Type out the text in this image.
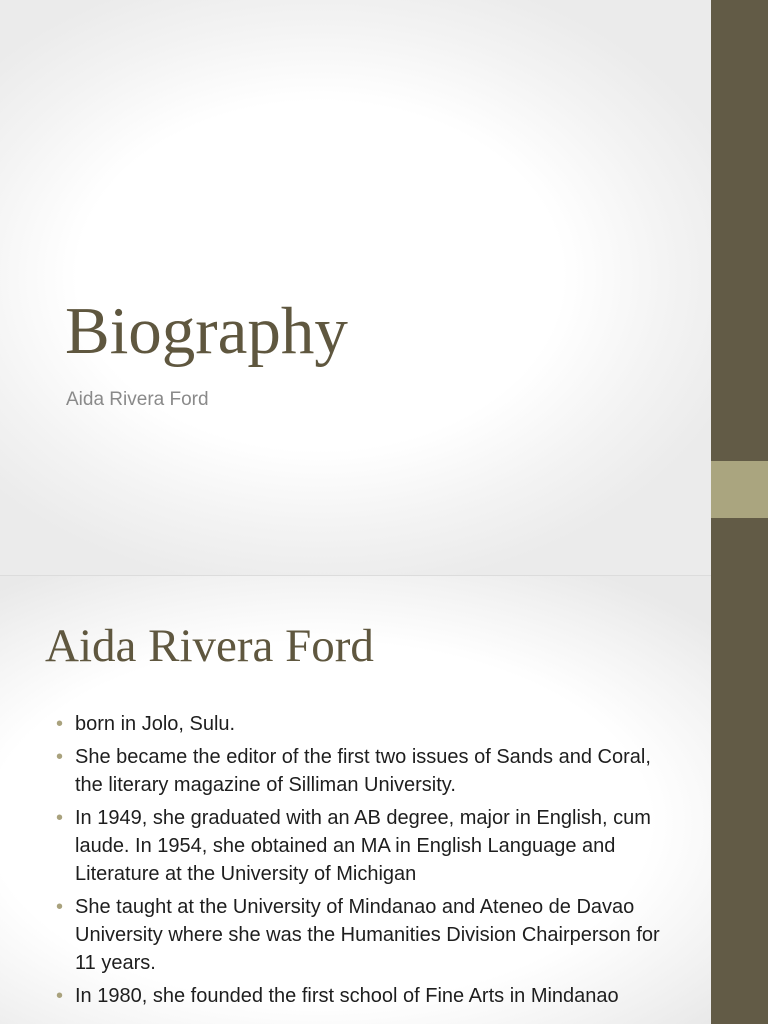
Biography

Aida Rivera Ford

Aida Rivera Ford
• born in Jolo, Sulu.
• She became the editor of the first two issues of Sands and Coral, the literary magazine of Silliman University.
• In 1949, she graduated with an AB degree, major in English, cum laude. In 1954, she obtained an MA in English Language and Literature at the University of Michigan
• She taught at the University of Mindanao and Ateneo de Davao University where she was the Humanities Division Chairperson for 11 years.
• In 1980, she founded the first school of Fine Arts in Mindanao
